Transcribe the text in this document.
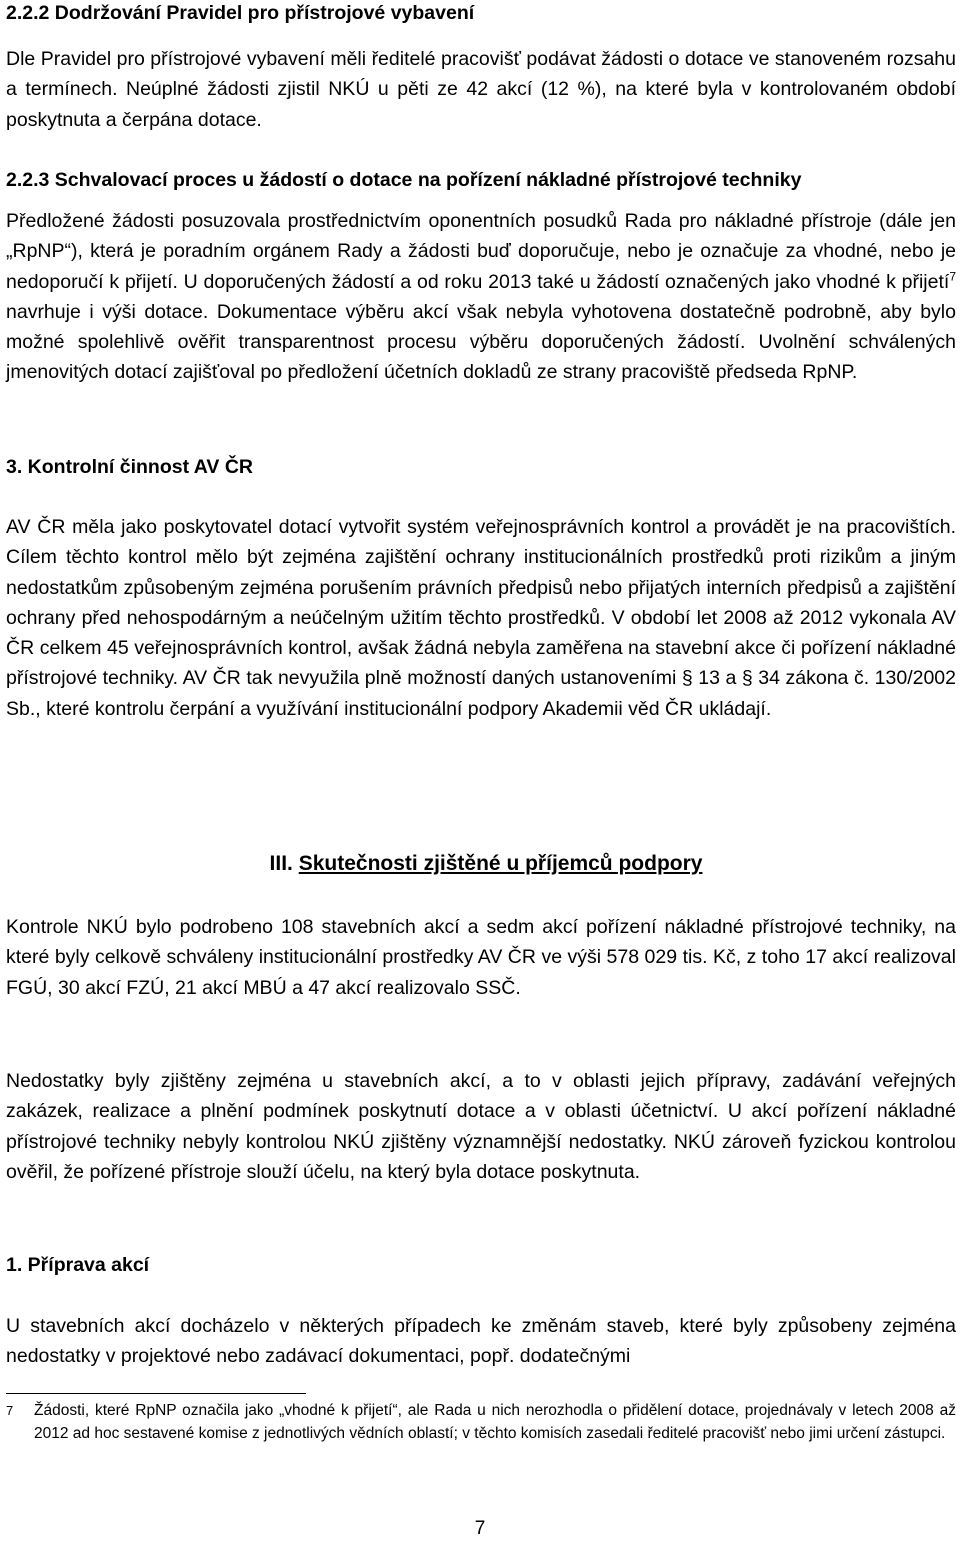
2.2.2 Dodržování Pravidel pro přístrojové vybavení

Dle Pravidel pro přístrojové vybavení měli ředitelé pracovišť podávat žádosti o dotace ve stanoveném rozsahu a termínech. Neúplné žádosti zjistil NKÚ u pěti ze 42 akcí (12 %), na které byla v kontrolovaném období poskytnuta a čerpána dotace.

2.2.3 Schvalovací proces u žádostí o dotace na pořízení nákladné přístrojové techniky

Předložené žádosti posuzovala prostřednictvím oponentních posudků Rada pro nákladné přístroje (dále jen „RpNP“), která je poradním orgánem Rady a žádosti buď doporučuje, nebo je označuje za vhodné, nebo je nedoporučí k přijetí. U doporučených žádostí a od roku 2013 také u žádostí označených jako vhodné k přijetí$^7$ navrhuje i výši dotace. Dokumentace výběru akcí však nebyla vyhotovena dostatečně podrobně, aby bylo možné spolehlivě ověřit transparentnost procesu výběru doporučených žádostí. Uvolnění schválených jmenovitých dotací zajišťoval po předložení účetních dokladů ze strany pracoviště předseda RpNP.

3. Kontrolní činnost AV ČR

AV ČR měla jako poskytovatel dotací vytvořit systém veřejnosprávních kontrol a provádět je na pracovištích. Cílem těchto kontrol mělo být zejména zajištění ochrany institucionálních prostředků proti rizikům a jiným nedostatkům způsobeným zejména porušením právních předpisů nebo přijatých interních předpisů a zajištění ochrany před nehospodárným a neúčelným užitím těchto prostředků. V období let 2008 až 2012 vykonala AV ČR celkem 45 veřejnosprávních kontrol, avšak žádná nebyla zaměřena na stavební akce či pořízení nákladné přístrojové techniky. AV ČR tak nevyužila plně možností daných ustanoveními § 13 a § 34 zákona č. 130/2002 Sb., které kontrolu čerpání a využívání institucionální podpory Akademii věd ČR ukládají.

III. Skutečnosti zjištěné u příjemců podpory

Kontrole NKÚ bylo podrobeno 108 stavebních akcí a sedm akcí pořízení nákladné přístrojové techniky, na které byly celkově schváleny institucionální prostředky AV ČR ve výši 578 029 tis. Kč, z toho 17 akcí realizoval FGÚ, 30 akcí FZÚ, 21 akcí MBÚ a 47 akcí realizovalo SSČ.

Nedostatky byly zjištěny zejména u stavebních akcí, a to v oblasti jejich přípravy, zadávání veřejných zakázek, realizace a plnění podmínek poskytnutí dotace a v oblasti účetnictví. U akcí pořízení nákladné přístrojové techniky nebyly kontrolou NKÚ zjištěny významnější nedostatky. NKÚ zároveň fyzickou kontrolou ověřil, že pořízené přístroje slouží účelu, na který byla dotace poskytnuta.

1. Příprava akcí

U stavebních akcí docházelo v některých případech ke změnám staveb, které byly způsobeny zejména nedostatky v projektové nebo zadávací dokumentaci, popř. dodatečnými

7 Žádosti, které RpNP označila jako „vhodné k přijetí“, ale Rada u nich nerozhodla o přidělení dotace, projednávaly v letech 2008 až 2012 ad hoc sestavené komise z jednotlivých vědních oblastí; v těchto komisích zasedali ředitelé pracovišť nebo jimi určení zástupci.
7
